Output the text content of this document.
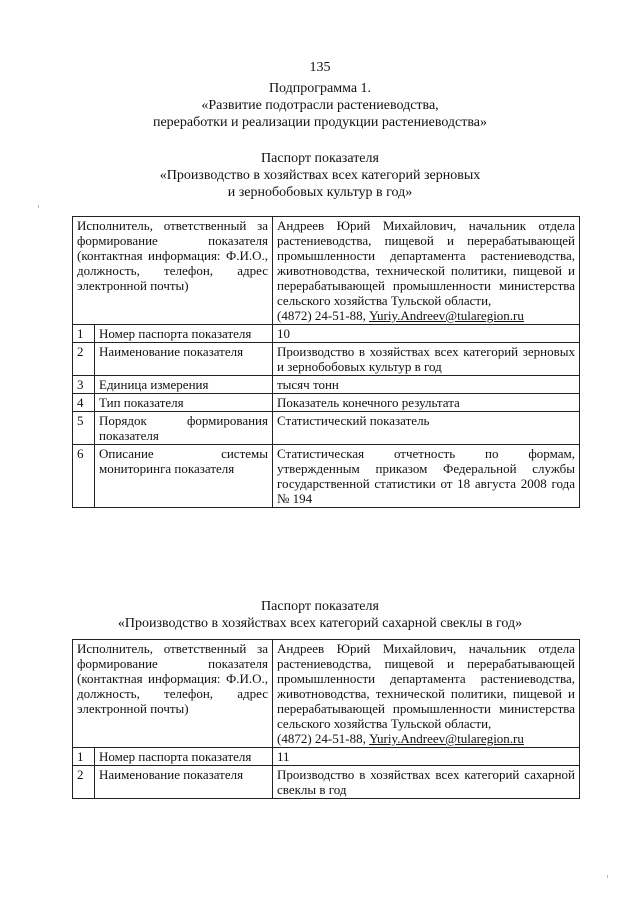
135
Подпрограмма 1.
«Развитие подотрасли растениеводства,
переработки и реализации продукции растениеводства»
Паспорт показателя
«Производство в хозяйствах всех категорий зерновых
и зернобобовых культур в год»
Исполнитель, ответственный за формирование показателя (контактная информация: Ф.И.О., должность, телефон, адрес электронной почты)		Андреев Юрий Михайлович, начальник отдела растениеводства, пищевой и перерабатывающей промышленности департамента растениеводства, животноводства, технической политики, пищевой и перерабатывающей промышленности министерства сельского хозяйства Тульской области,
(4872) 24-51-88, Yuriy.Andreev@tularegion.ru
1	Номер паспорта показателя	10
2	Наименование показателя	Производство в хозяйствах всех категорий зерновых и зернобобовых культур в год
3	Единица измерения	тысяч тонн
4	Тип показателя	Показатель конечного результата
5	Порядок формирования показателя	Статистический показатель
6	Описание системы мониторинга показателя	Статистическая отчетность по формам, утвержденным приказом Федеральной службы государственной статистики от 18 августа 2008 года № 194
Паспорт показателя
«Производство в хозяйствах всех категорий сахарной свеклы в год»
Исполнитель, ответственный за формирование показателя (контактная информация: Ф.И.О., должность, телефон, адрес электронной почты)		Андреев Юрий Михайлович, начальник отдела растениеводства, пищевой и перерабатывающей промышленности департамента растениеводства, животноводства, технической политики, пищевой и перерабатывающей промышленности министерства сельского хозяйства Тульской области,
(4872) 24-51-88, Yuriy.Andreev@tularegion.ru
1	Номер паспорта показателя	11
2	Наименование показателя	Производство в хозяйствах всех категорий сахарной свеклы в год
